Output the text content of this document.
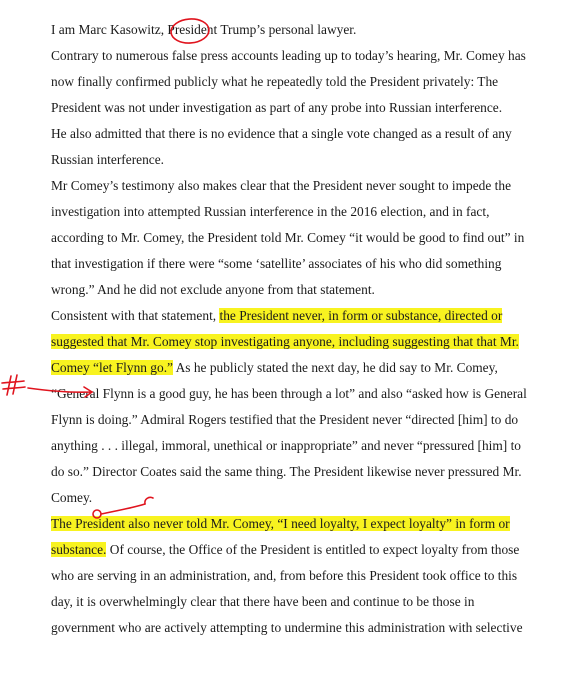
I am Marc Kasowitz, President Trump’s personal lawyer.

Contrary to numerous false press accounts leading up to today’s hearing, Mr. Comey has

now finally confirmed publicly what he repeatedly told the President privately: The

President was not under investigation as part of any probe into Russian interference.

He also admitted that there is no evidence that a single vote changed as a result of any

Russian interference.

Mr Comey’s testimony also makes clear that the President never sought to impede the

investigation into attempted Russian interference in the 2016 election, and in fact,

according to Mr. Comey, the President told Mr. Comey “it would be good to find out” in

that investigation if there were “some ‘satellite’ associates of his who did something

wrong.” And he did not exclude anyone from that statement.

Consistent with that statement, the President never, in form or substance, directed or

suggested that Mr. Comey stop investigating anyone, including suggesting that that Mr.

Comey “let Flynn go.” As he publicly stated the next day, he did say to Mr. Comey,

“General Flynn is a good guy, he has been through a lot” and also “asked how is General

Flynn is doing.” Admiral Rogers testified that the President never “directed [him] to do

anything . . . illegal, immoral, unethical or inappropriate” and never “pressured [him] to

do so.” Director Coates said the same thing. The President likewise never pressured Mr.

Comey.

The President also never told Mr. Comey, “I need loyalty, I expect loyalty” in form or

substance. Of course, the Office of the President is entitled to expect loyalty from those

who are serving in an administration, and, from before this President took office to this

day, it is overwhelmingly clear that there have been and continue to be those in

government who are actively attempting to undermine this administration with selective
